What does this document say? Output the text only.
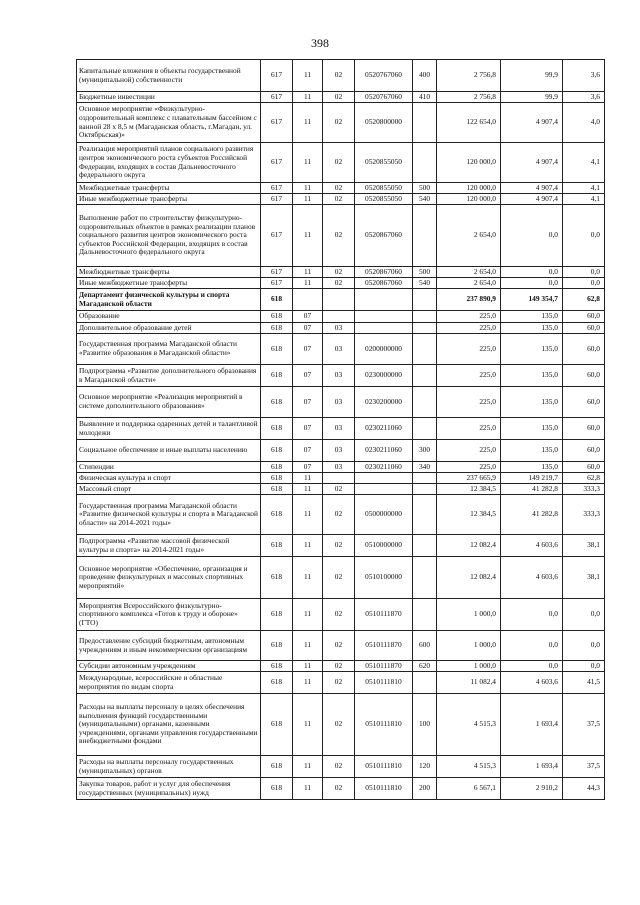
398
Капитальные вложения в объекты государственной (муниципальной) собственности	617	11	02	0520767060	400	2 756,8	99,9	3,6
Бюджетные инвестиции	617	11	02	0520767060	410	2 756,8	99,9	3,6
Основное мероприятие «Физкультурно-оздоровительный комплекс с плавательным бассейном с ванной 28 x 8,5 м (Магаданская область, г.Магадан, ул. Октябрьская)»	617	11	02	0520800000		122 654,0	4 907,4	4,0
Реализация мероприятий планов социального развития центров экономического роста субъектов Российской Федерации, входящих в состав Дальневосточного федерального округа	617	11	02	0520855050		120 000,0	4 907,4	4,1
Межбюджетные трансферты	617	11	02	0520855050	500	120 000,0	4 907,4	4,1
Иные межбюджетные трансферты	617	11	02	0520855050	540	120 000,0	4 907,4	4,1
Выполнение работ по строительству физкультурно-оздоровительных объектов в рамках реализации планов социального развития центров экономического роста субъектов Российской Федерации, входящих в состав Дальневосточного федерального округа	617	11	02	0520867060		2 654,0	0,0	0,0
Межбюджетные трансферты	617	11	02	0520867060	500	2 654,0	0,0	0,0
Иные межбюджетные трансферты	617	11	02	0520867060	540	2 654,0	0,0	0,0
Департамент физической культуры и спорта Магаданской области	618					237 890,9	149 354,7	62,8
Образование	618	07				225,0	135,0	60,0
Дополнительное образование детей	618	07	03			225,0	135,0	60,0
Государственная программа Магаданской области «Развитие образования в Магаданской области»	618	07	03	0200000000		225,0	135,0	60,0
Подпрограмма «Развитие дополнительного образования в Магаданской области»	618	07	03	0230000000		225,0	135,0	60,0
Основное мероприятие «Реализация мероприятий в системе дополнительного образования»	618	07	03	0230200000		225,0	135,0	60,0
Выявление и поддержка одаренных детей и талантливой молодежи	618	07	03	0230211060		225,0	135,0	60,0
Социальное обеспечение и иные выплаты населению	618	07	03	0230211060	300	225,0	135,0	60,0
Стипендии	618	07	03	0230211060	340	225,0	135,0	60,0
Физическая культура и спорт	618	11				237 665,9	149 219,7	62,8
Массовый спорт	618	11	02			12 384,5	41 282,8	333,3
Государственная программа Магаданской области «Развитие физической культуры и спорта в Магаданской области» на 2014-2021 годы»	618	11	02	0500000000		12 384,5	41 282,8	333,3
Подпрограмма «Развитие массовой физической культуры и спорта» на 2014-2021 годы»	618	11	02	0510000000		12 082,4	4 603,6	38,1
Основное мероприятие «Обеспечение, организация и проведение физкультурных и массовых спортивных мероприятий»	618	11	02	0510100000		12 082,4	4 603,6	38,1
Мероприятия Всероссийского физкультурно-спортивного комплекса «Готов к труду и обороне» (ГТО)	618	11	02	0510111870		1 000,0	0,0	0,0
Предоставление субсидий бюджетным, автономным учреждениям и иным некоммерческим организациям	618	11	02	0510111870	600	1 000,0	0,0	0,0
Субсидии автономным учреждениям	618	11	02	0510111870	620	1 000,0	0,0	0,0
Международные, всероссийские и областные мероприятия по видам спорта	618	11	02	0510111810		11 082,4	4 603,6	41,5
Расходы на выплаты персоналу в целях обеспечения выполнения функций государственными (муниципальными) органами, казенными учреждениями, органами управления государственными внебюджетными фондами	618	11	02	0510111810	100	4 515,3	1 693,4	37,5
Расходы на выплаты персоналу государственных (муниципальных) органов	618	11	02	0510111810	120	4 515,3	1 693,4	37,5
Закупка товаров, работ и услуг для обеспечения государственных (муниципальных) нужд	618	11	02	0510111810	200	6 567,1	2 910,2	44,3
